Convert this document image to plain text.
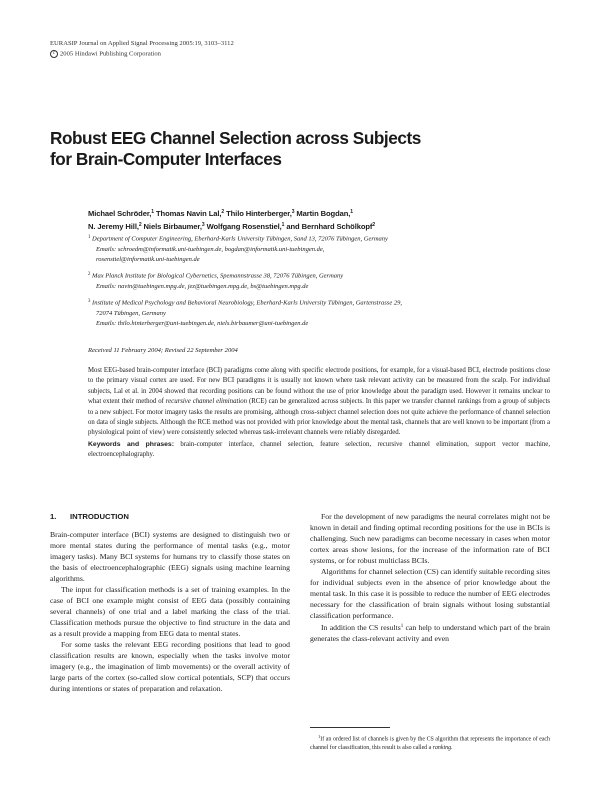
EURASIP Journal on Applied Signal Processing 2005:19, 3103–3112
c 2005 Hindawi Publishing Corporation
Robust EEG Channel Selection across Subjects
for Brain-Computer Interfaces
Michael Schröder,$^1$ Thomas Navin Lal,$^2$ Thilo Hinterberger,$^3$ Martin Bogdan,$^1$
N. Jeremy Hill,$^2$ Niels Birbaumer,$^3$ Wolfgang Rosenstiel,$^1$ and Bernhard Schölkopf$^2$
$^1$ Department of Computer Engineering, Eberhard-Karls University Tübingen, Sand 13, 72076 Tübingen, Germany
Emails: schroedm@informatik.uni-tuebingen.de, bogdan@informatik.uni-tuebingen.de,
rosenstiel@informatik.uni-tuebingen.de
$^2$ Max Planck Institute for Biological Cybernetics, Spemannstrasse 38, 72076 Tübingen, Germany
Emails: navin@tuebingen.mpg.de, jez@tuebingen.mpg.de, bs@tuebingen.mpg.de
$^3$ Institute of Medical Psychology and Behavioral Neurobiology, Eberhard-Karls University Tübingen, Gartenstrasse 29,
72074 Tübingen, Germany
Emails: thilo.hinterberger@uni-tuebingen.de, niels.birbaumer@uni-tuebingen.de
Received 11 February 2004; Revised 22 September 2004

Most EEG-based brain-computer interface (BCI) paradigms come along with specific electrode positions, for example, for a visual-based BCI, electrode positions close to the primary visual cortex are used. For new BCI paradigms it is usually not known where task relevant activity can be measured from the scalp. For individual subjects, Lal et al. in 2004 showed that recording positions can be found without the use of prior knowledge about the paradigm used. However it remains unclear to what extent their method of recursive channel elimination (RCE) can be generalized across subjects. In this paper we transfer channel rankings from a group of subjects to a new subject. For motor imagery tasks the results are promising, although cross-subject channel selection does not quite achieve the performance of channel selection on data of single subjects. Although the RCE method was not provided with prior knowledge about the mental task, channels that are well known to be important (from a physiological point of view) were consistently selected whereas task-irrelevant channels were reliably disregarded.

Keywords and phrases: brain-computer interface, channel selection, feature selection, recursive channel elimination, support vector machine, electroencephalography.

1. INTRODUCTION

Brain-computer interface (BCI) systems are designed to distinguish two or more mental states during the performance of mental tasks (e.g., motor imagery tasks). Many BCI systems for humans try to classify those states on the basis of electroencephalographic (EEG) signals using machine learning algorithms.

The input for classification methods is a set of training examples. In the case of BCI one example might consist of EEG data (possibly containing several channels) of one trial and a label marking the class of the trial. Classification methods pursue the objective to find structure in the data and as a result provide a mapping from EEG data to mental states.

For some tasks the relevant EEG recording positions that lead to good classification results are known, especially when the tasks involve motor imagery (e.g., the imagination of limb movements) or the overall activity of large parts of the cortex (so-called slow cortical potentials, SCP) that occurs during intentions or states of preparation and relaxation.

For the development of new paradigms the neural correlates might not be known in detail and finding optimal recording positions for the use in BCIs is challenging. Such new paradigms can become necessary in cases when motor cortex areas show lesions, for the increase of the information rate of BCI systems, or for robust multiclass BCIs.

Algorithms for channel selection (CS) can identify suitable recording sites for individual subjects even in the absence of prior knowledge about the mental task. In this case it is possible to reduce the number of EEG electrodes necessary for the classification of brain signals without losing substantial classification performance.

In addition the CS results$^1$ can help to understand which part of the brain generates the class-relevant activity and even

$^1$If an ordered list of channels is given by the CS algorithm that represents the importance of each channel for classification, this result is also called a ranking.
